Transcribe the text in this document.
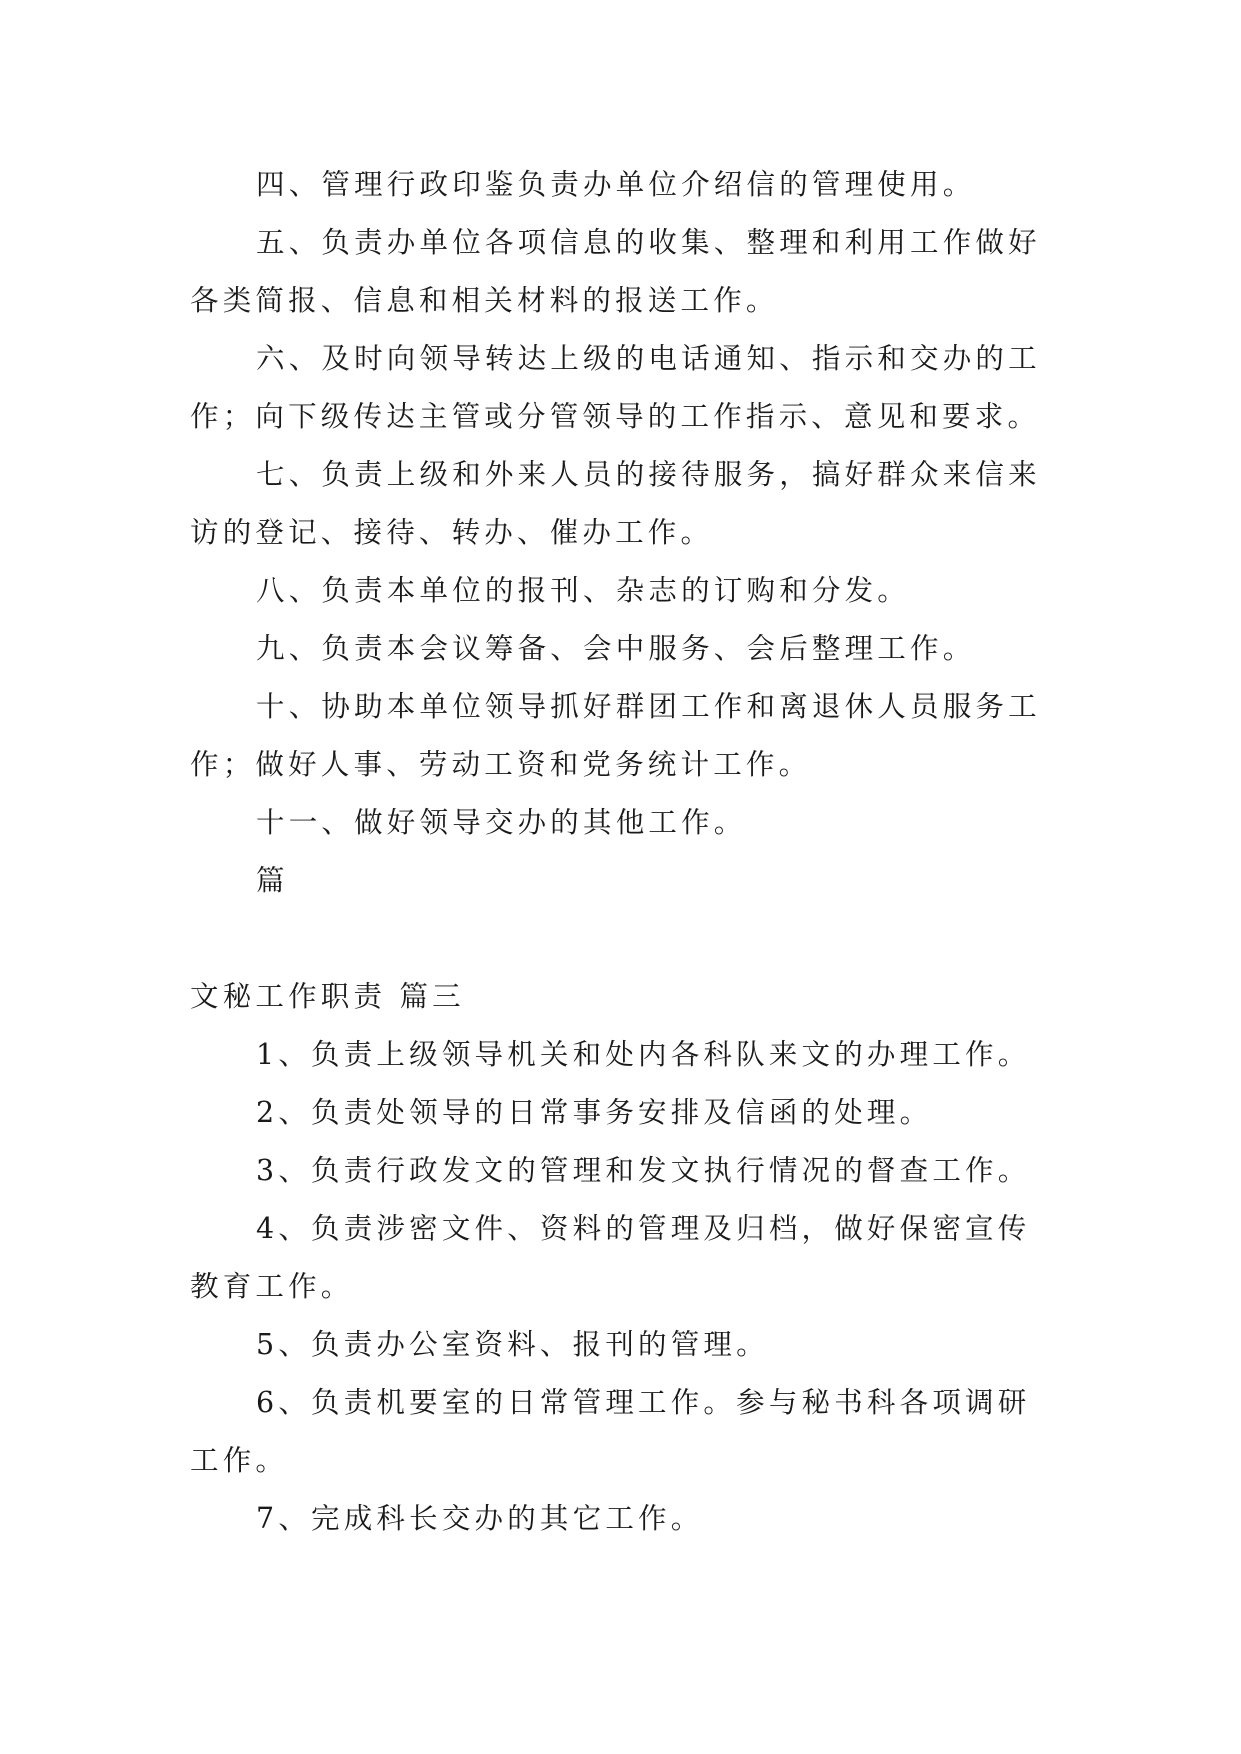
四、管理行政印鉴负责办单位介绍信的管理使用。

五、负责办单位各项信息的收集、整理和利用工作做好各类简报、信息和相关材料的报送工作。

六、及时向领导转达上级的电话通知、指示和交办的工作；向下级传达主管或分管领导的工作指示、意见和要求。

七、负责上级和外来人员的接待服务，搞好群众来信来访的登记、接待、转办、催办工作。

八、负责本单位的报刊、杂志的订购和分发。

九、负责本会议筹备、会中服务、会后整理工作。

十、协助本单位领导抓好群团工作和离退休人员服务工作；做好人事、劳动工资和党务统计工作。

十一、做好领导交办的其他工作。

篇

文秘工作职责 篇三

1、负责上级领导机关和处内各科队来文的办理工作。

2、负责处领导的日常事务安排及信函的处理。

3、负责行政发文的管理和发文执行情况的督查工作。

4、负责涉密文件、资料的管理及归档，做好保密宣传教育工作。

5、负责办公室资料、报刊的管理。

6、负责机要室的日常管理工作。参与秘书科各项调研工作。

7、完成科长交办的其它工作。
